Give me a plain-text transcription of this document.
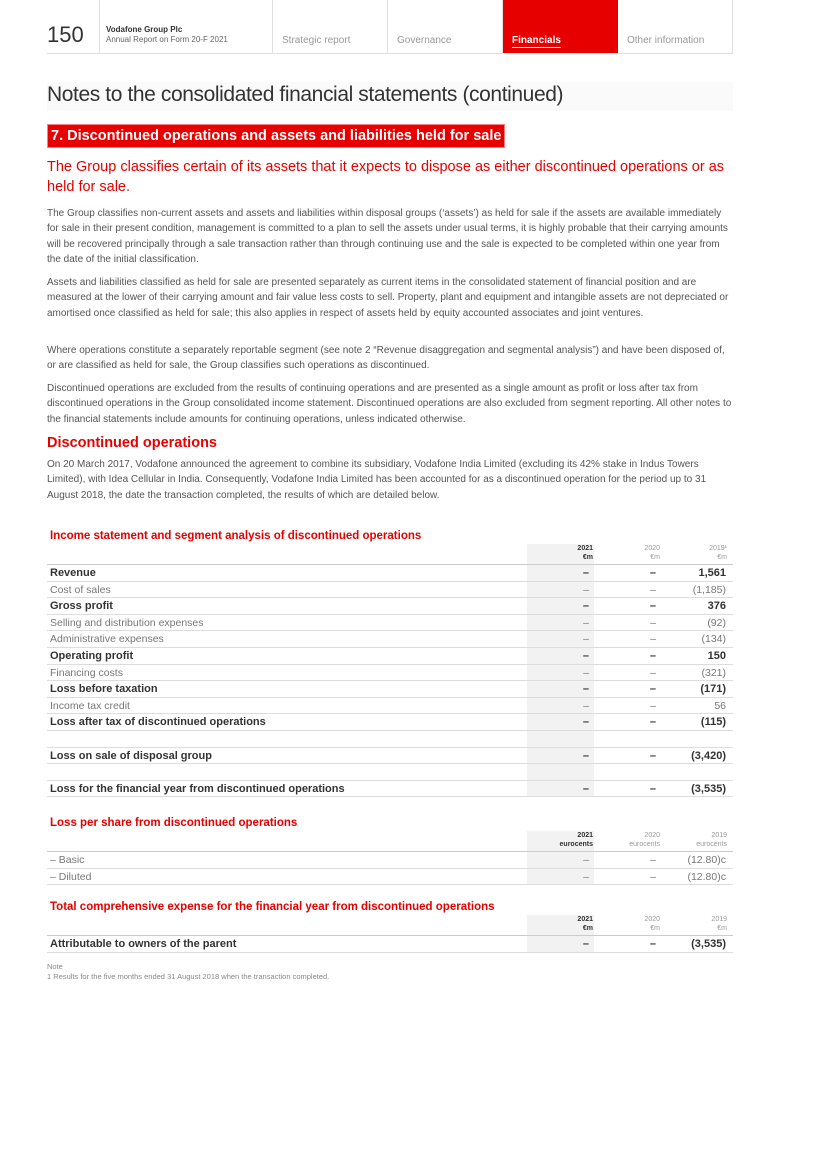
150	Vodafone Group Plc
Annual Report on Form 20-F 2021	Strategic report	Governance	Financials	Other information
Notes to the consolidated financial statements (continued)
7. Discontinued operations and assets and liabilities held for sale
The Group classifies certain of its assets that it expects to dispose as either discontinued operations or as held for sale.
The Group classifies non-current assets and assets and liabilities within disposal groups (‘assets’) as held for sale if the assets are available immediately for sale in their present condition, management is committed to a plan to sell the assets under usual terms, it is highly probable that their carrying amounts will be recovered principally through a sale transaction rather than through continuing use and the sale is expected to be completed within one year from the date of the initial classification.
Assets and liabilities classified as held for sale are presented separately as current items in the consolidated statement of financial position and are measured at the lower of their carrying amount and fair value less costs to sell. Property, plant and equipment and intangible assets are not depreciated or amortised once classified as held for sale; this also applies in respect of assets held by equity accounted associates and joint ventures.
Where operations constitute a separately reportable segment (see note 2 “Revenue disaggregation and segmental analysis”) and have been disposed of, or are classified as held for sale, the Group classifies such operations as discontinued.
Discontinued operations are excluded from the results of continuing operations and are presented as a single amount as profit or loss after tax from discontinued operations in the Group consolidated income statement. Discontinued operations are also excluded from segment reporting. All other notes to the financial statements include amounts for continuing operations, unless indicated otherwise.
Discontinued operations
On 20 March 2017, Vodafone announced the agreement to combine its subsidiary, Vodafone India Limited (excluding its 42% stake in Indus Towers Limited), with Idea Cellular in India. Consequently, Vodafone India Limited has been accounted for as a discontinued operation for the period up to 31 August 2018, the date the transaction completed, the results of which are detailed below.
Income statement and segment analysis of discontinued operations
2021
€m
2020
€m
2019¹
€m
Revenue	–	–	1,561
Cost of sales	–	–	(1,185)
Gross profit	–	–	376
Selling and distribution expenses	–	–	(92)
Administrative expenses	–	–	(134)
Operating profit	–	–	150
Financing costs	–	–	(321)
Loss before taxation	–	–	(171)
Income tax credit	–	–	56
Loss after tax of discontinued operations	–	–	(115)
Loss on sale of disposal group	–	–	(3,420)
Loss for the financial year from discontinued operations	–	–	(3,535)
Loss per share from discontinued operations
2021
eurocents
2020
eurocents
2019
eurocents
– Basic	–	–	(12.80)c
– Diluted	–	–	(12.80)c
Total comprehensive expense for the financial year from discontinued operations
2021
€m
2020
€m
2019
€m
Attributable to owners of the parent	–	–	(3,535)
Note
1 Results for the five months ended 31 August 2018 when the transaction completed.
